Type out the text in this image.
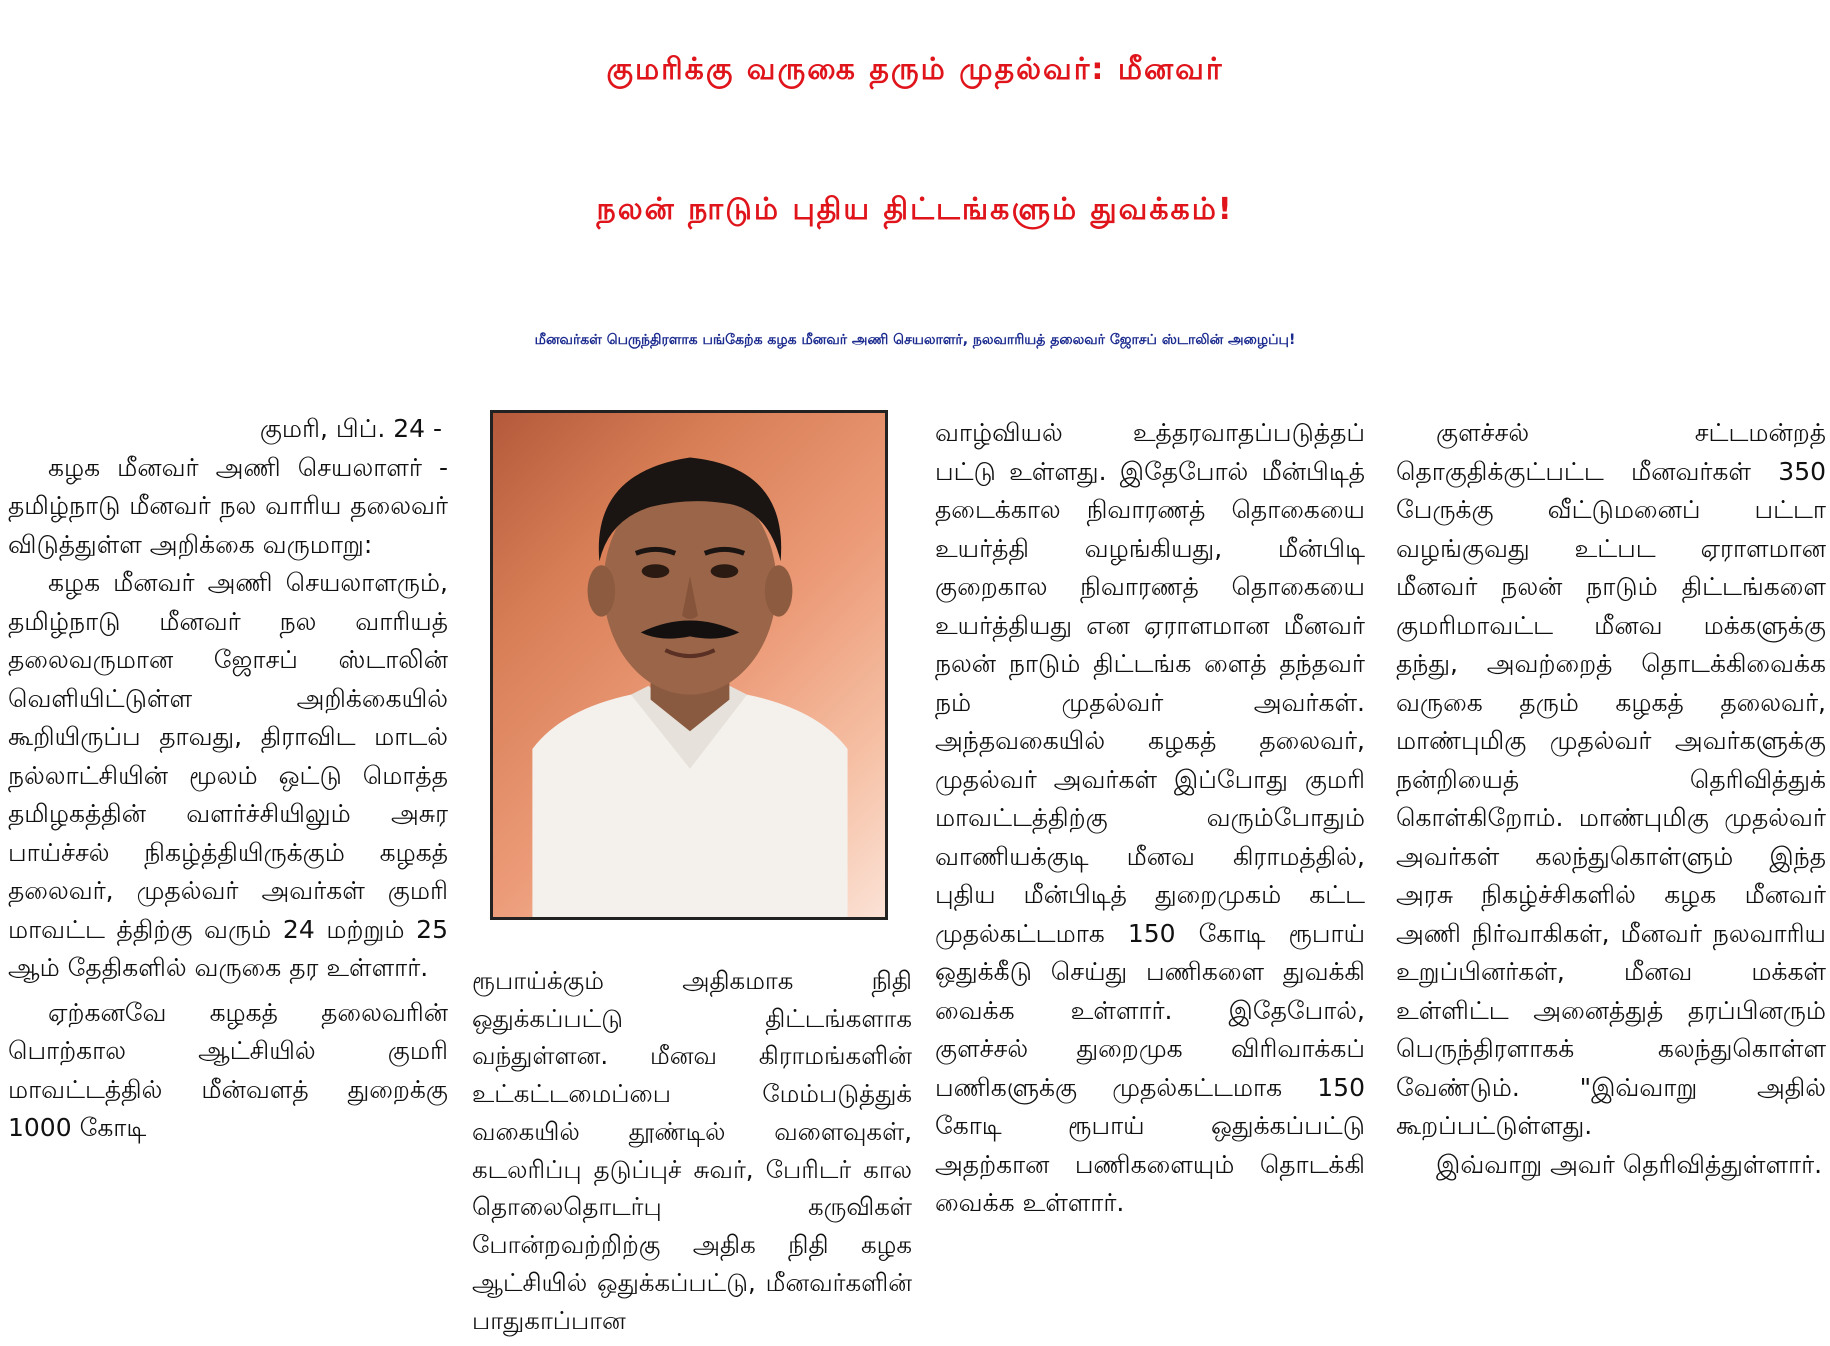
குமரிக்கு வருகை தரும் முதல்வர்: மீனவர்
நலன் நாடும் புதிய திட்டங்களும் துவக்கம்!
மீனவர்கள் பெருந்திரளாக பங்கேற்க கழக மீனவர் அணி செயலாளர், நலவாரியத் தலைவர் ஜோசப் ஸ்டாலின் அழைப்பு!

குமரி, பிப். 24 -

கழக மீனவர் அணி செயலாளர் - தமிழ்நாடு மீனவர் நல வாரிய தலைவர் விடுத்துள்ள அறிக்கை வருமாறு:

கழக மீனவர் அணி செயலாளரும், தமிழ்நாடு மீனவர் நல வாரியத் தலைவருமான ஜோசப் ஸ்டாலின் வெளியிட்டுள்ள அறிக்கையில் கூறியிருப்ப தாவது, திராவிட மாடல் நல்லாட்சியின் மூலம் ஒட்டு மொத்த தமிழகத்தின் வளர்ச்சியிலும் அசுர பாய்ச்சல் நிகழ்த்தியிருக்கும் கழகத் தலைவர், முதல்வர் அவர்கள் குமரி மாவட்ட த்திற்கு வரும் 24 மற்றும் 25 ஆம் தேதிகளில் வருகை தர உள்ளார்.

ஏற்கனவே கழகத் தலைவரின் பொற்கால ஆட்சியில் குமரி மாவட்டத்தில் மீன்வளத் துறைக்கு 1000 கோடி

ரூபாய்க்கும் அதிகமாக நிதி ஒதுக்கப்பட்டு திட்டங்களாக வந்துள்ளன. மீனவ கிராமங்களின் உட்கட்டமைப்பை மேம்படுத்துக் வகையில் தூண்டில் வளைவுகள், கடலரிப்பு தடுப்புச் சுவர், பேரிடர் கால தொலைதொடர்பு கருவிகள் போன்றவற்றிற்கு அதிக நிதி கழக ஆட்சியில் ஒதுக்கப்பட்டு, மீனவர்களின் பாதுகாப்பான

வாழ்வியல் உத்தரவாதப்படுத்தப் பட்டு உள்ளது. இதேபோல் மீன்பிடித் தடைக்கால நிவாரணத் தொகையை உயர்த்தி வழங்கியது, மீன்பிடி குறைகால நிவாரணத் தொகையை உயர்த்தியது என ஏராளமான மீனவர் நலன் நாடும் திட்டங்க ளைத் தந்தவர் நம் முதல்வர் அவர்கள். அந்தவகையில் கழகத் தலைவர், முதல்வர் அவர்கள் இப்போது குமரி மாவட்டத்திற்கு வரும்போதும் வாணியக்குடி மீனவ கிராமத்தில், புதிய மீன்பிடித் துறைமுகம் கட்ட முதல்கட்டமாக 150 கோடி ரூபாய் ஒதுக்கீடு செய்து பணிகளை துவக்கி வைக்க உள்ளார். இதேபோல், குளச்சல் துறைமுக விரிவாக்கப் பணிகளுக்கு முதல்கட்டமாக 150 கோடி ரூபாய் ஒதுக்கப்பட்டு அதற்கான பணிகளையும் தொடக்கி வைக்க உள்ளார்.

குளச்சல் சட்டமன்றத் தொகுதிக்குட்பட்ட மீனவர்கள் 350 பேருக்கு வீட்டுமனைப் பட்டா வழங்குவது உட்பட ஏராளமான மீனவர் நலன் நாடும் திட்டங்களை குமரிமாவட்ட மீனவ மக்களுக்கு தந்து, அவற்றைத் தொடக்கிவைக்க வருகை தரும் கழகத் தலைவர், மாண்புமிகு முதல்வர் அவர்களுக்கு நன்றியைத் தெரிவித்துக் கொள்கிறோம். மாண்புமிகு முதல்வர் அவர்கள் கலந்துகொள்ளும் இந்த அரசு நிகழ்ச்சிகளில் கழக மீனவர் அணி நிர்வாகிகள், மீனவர் நலவாரிய உறுப்பினர்கள், மீனவ மக்கள் உள்ளிட்ட அனைத்துத் தரப்பினரும் பெருந்திரளாகக் கலந்துகொள்ள வேண்டும். "இவ்வாறு அதில் கூறப்பட்டுள்ளது.

இவ்வாறு அவர் தெரிவித்துள்ளார்.
